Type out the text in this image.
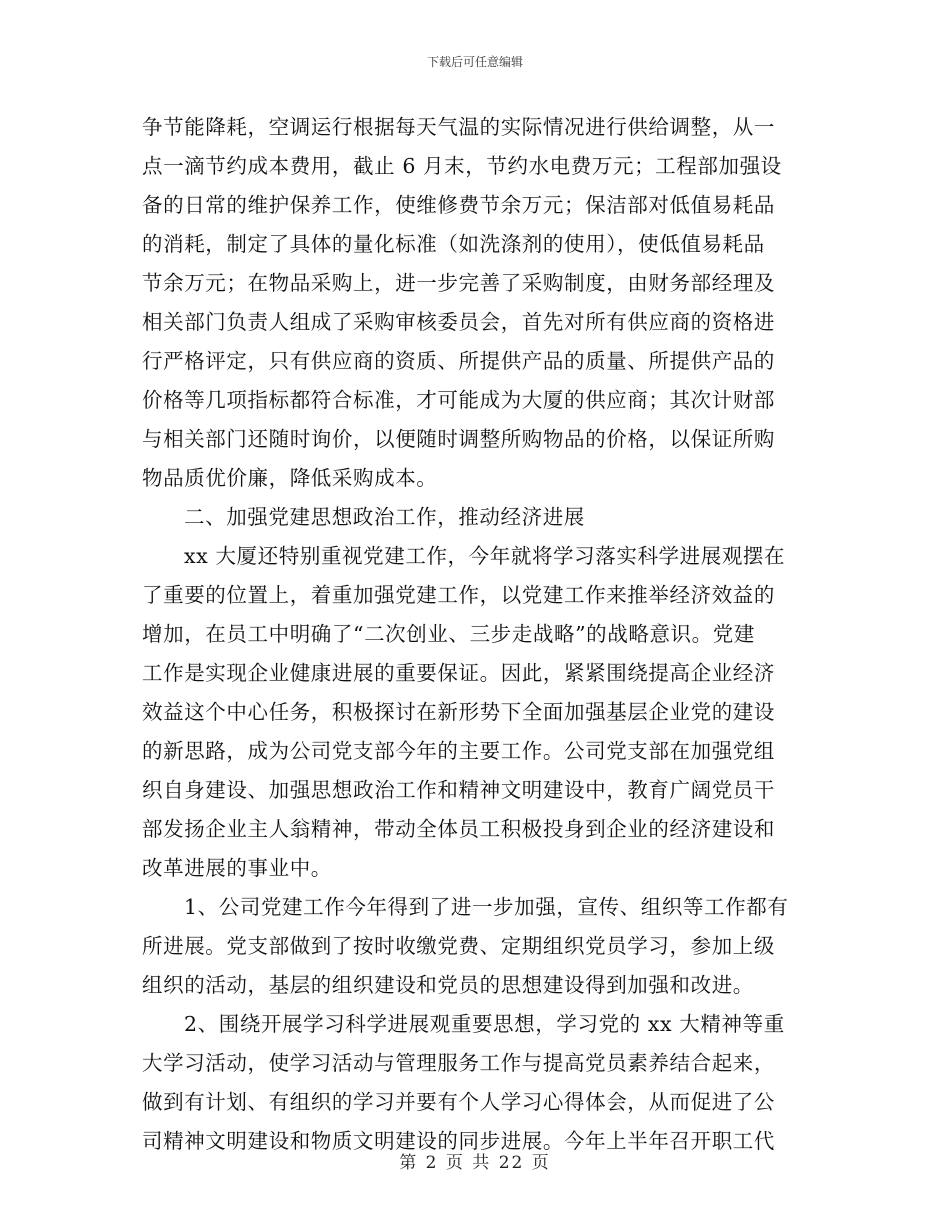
下载后可任意编辑
争节能降耗，空调运行根据每天气温的实际情况进行供给调整，从一
点一滴节约成本费用，截止 6 月末，节约水电费万元；工程部加强设
备的日常的维护保养工作，使维修费节余万元；保洁部对低值易耗品
的消耗，制定了具体的量化标准（如洗涤剂的使用），使低值易耗品
节余万元；在物品采购上，进一步完善了采购制度，由财务部经理及
相关部门负责人组成了采购审核委员会，首先对所有供应商的资格进
行严格评定，只有供应商的资质、所提供产品的质量、所提供产品的
价格等几项指标都符合标准，才可能成为大厦的供应商；其次计财部
与相关部门还随时询价，以便随时调整所购物品的价格，以保证所购
物品质优价廉，降低采购成本。
二、加强党建思想政治工作，推动经济进展
xx 大厦还特别重视党建工作，今年就将学习落实科学进展观摆在
了重要的位置上，着重加强党建工作，以党建工作来推举经济效益的
增加，在员工中明确了“二次创业、三步走战略”的战略意识。党建
工作是实现企业健康进展的重要保证。因此，紧紧围绕提高企业经济
效益这个中心任务，积极探讨在新形势下全面加强基层企业党的建设
的新思路，成为公司党支部今年的主要工作。公司党支部在加强党组
织自身建设、加强思想政治工作和精神文明建设中，教育广阔党员干
部发扬企业主人翁精神，带动全体员工积极投身到企业的经济建设和
改革进展的事业中。
1、公司党建工作今年得到了进一步加强，宣传、组织等工作都有
所进展。党支部做到了按时收缴党费、定期组织党员学习，参加上级
组织的活动，基层的组织建设和党员的思想建设得到加强和改进。
2、围绕开展学习科学进展观重要思想，学习党的 xx 大精神等重
大学习活动，使学习活动与管理服务工作与提高党员素养结合起来，
做到有计划、有组织的学习并要有个人学习心得体会，从而促进了公
司精神文明建设和物质文明建设的同步进展。今年上半年召开职工代
第 2 页 共 22 页
